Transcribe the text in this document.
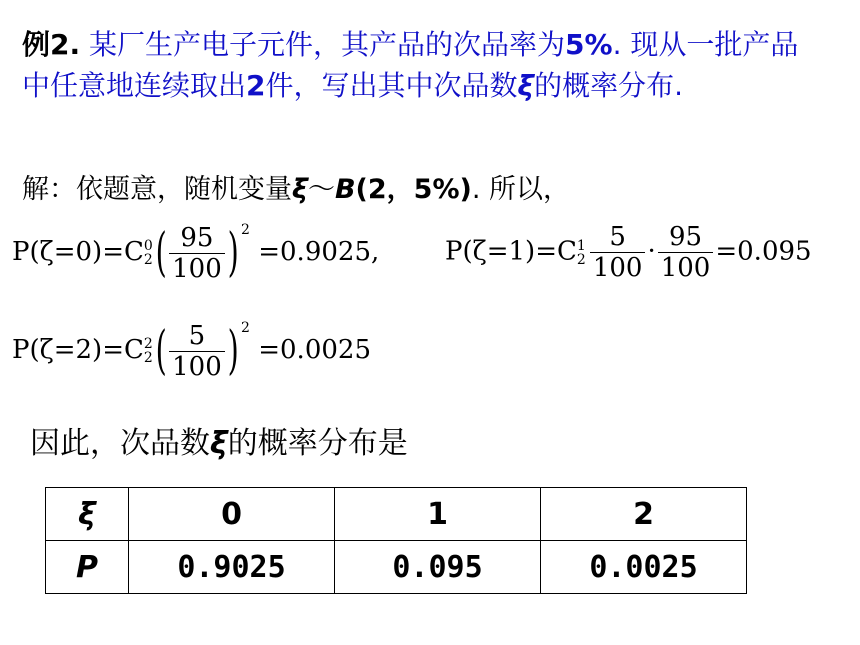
例2. 某厂生产电子元件，其产品的次品率为5%. 现从一批产品中任意地连续取出2件，写出其中次品数ξ的概率分布.
解：依题意，随机变量ξ～B(2，5%). 所以，
P(ζ=0)=C0
$2( \frac{95}{100}$ ) $^2$ =0.9025,	P(ζ=1)=C1
$2 \frac{5}{100} \cdot \frac{95}{100} =0.095$
P(ζ=2)=C2
$2( \frac{5}{100}$ ) $^2$ =0.0025
因此，次品数ξ的概率分布是
ξ	0	1	2
P	0.9025	0.095	0.0025
